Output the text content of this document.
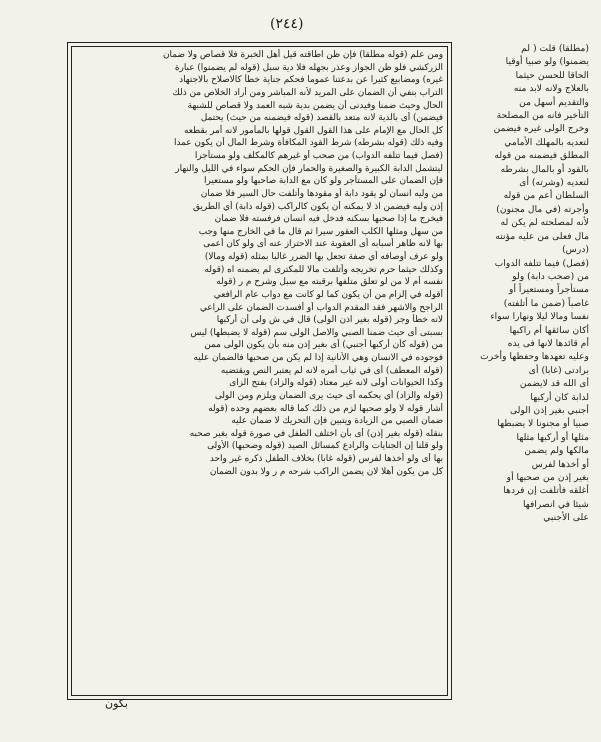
(٢٤٤)
(مطلقا) قلت ( لم
يضمنوا) ولو صبيا أوقيا
الحاقا للحسن حيثما
بالعلاج ولانه لابد منه
والتقديم أسهل من
التأخير فانه من المصلحة
وخرج الولى غيره فيضمن
لتعديه بالمهلك الأمامي
المطلق فيضمنه من قوله
بالقود أو بالمال بشرطه
لتعديه (وشرته) أى
السلطان أعم من قوله
وأجرته (في مال مجنون)
لأنه لمصلحته لم يكن له
مال فعلى من عليه مؤنته
(درس)
(فصل) فيما تتلفه الدواب
من (صحب دابة) ولو
مستأجراً ومستعيراً أو
غاصباً (ضمن ما أتلفته)
نفسا ومالا ليلا ونهارا سواء
أكان سائقها أم راكبها
أم قائدها لانها فى يده
وعليه تعهدها وحفظها وأخرت
برادتى (غابا) أى
أى الله قد لايضمن
لدابة كان أركبها
أجنبي بغير إذن الولى
صبيا أو مجنونا لا يضبطها
مثلها أو أركبها مثلها
مالكها ولم يضمن
أو أخذها لفرس
بغير إذن من صحبها أو
أغلقه فأتلفت إن فردها
شيئا في انصرافها
على الأجنبي
ومن علم (قوله مطلقا) فإن ظن اطاقته قيل أهل الخبرة فلا قصاص ولا ضمان
الزركشي فلو ظن الجواز وعذر بجهله فلا دية سبل (قوله لم يضمنوا) عبارة
غيره) ومضابيع كثيرا عن بدعتنا عموما فحكم جناية خطأ كالاصلاح بالاجتهاد
التراب بنفي أن الضمان على المريد لأنه المباشر ومن أراد الخلاص من ذلك
الحال وحيث ضمنا وفيدنى أن يضمن بدية شبه العمد ولا قصاص للشبهة
فيضمن) أى بالدية لانه متعد بالقصد (قوله فيضمنه من حيث) يحتمل
كل الحال مع الإمام على هذا القول القول قولها بالمأمور لانه أمر بقطعه
وفيه ذلك (قوله بشرطه) شرط القود المكافأة وشرط المال أن يكون عمدا
(فصل فيما تتلفه الدواب) من صحب أو غيرهم كالمكلف ولو مستأجرا
ليتشمل الدابة الكبيرة والصغيرة والحمار فإن الحكم سواء في الليل والنهار
فإن الضمان على المستأجر ولو كان مع الدابة صاحبها ولو مستعيرا
من وليه انسان لو يقود دابة أو مقودها وأتلفت حال السير فلا ضمان
إذن وليه فيضمن اذ لا يمكنه أن يكون كالراكب (قوله دابة) أي الطريق
فيخرج ما إذا صحبها بسكنه فدخل فيه انسان فرفسته فلا ضمان
من سهل ومثلها الكلب العقور سيرا ثم قال ما في الخارج منها وجب
بها لانه ظاهر أسبابه أى العقوبة عند الاحتراز عنه أى ولو كان أعمى
ولو عرف أوصافه أي صفة تجعل بها الضرر غالبا بمثله (قوله ومالا)
وكذلك حيثما حرم تخريجه وأتلفت مالا للمكترى لم يضمنه اه (قوله
نفسه أم لا من لو تعلق متلفها برقبته مع سبل وشرح م ر (قوله
أقوله في إلزام من أن يكون كما لو كانت مع دواب عام الرافعي
الراجح والاشهر فقد المقدم الدواب أو أفسدت الضمان على الراعي
لانه خطأ وجر (قوله بغير اذن الولى) قال في ش ولى أن أركبها
بسبتى أى حيث ضمنا الصبي والاصل الولى سم (قوله لا يضبطها) ليس
من (قوله كأن أركبها أجنبي) أى بغير إذن منه بأن يكون الولى ممن
فوجوده في الانسان وهي الأنانية إذا لم يكن من صحبها فالضمان عليه
(قوله المعطف) أى في ثياب أمره لانه لم يعتبر النص ويقتضيه
وكذا الحيوانات أولى لانه غير معتاد (قوله والزاد) بفتح الزاى
(قوله والزاد) أي يحكمه أى حيث يرى الضمان ويلزم ومن الولى
أشار قوله لا ولو صحبها لزم من ذلك كما قاله بعضهم وحده (قوله
ضمان الصبي من الزيادة ويتبين فإن التحريك لا ضمان عليه
بنقله (قوله بغير إذن) أى بأن اختلف الطفل في صورة قوله بغير صحبه
ولو قلنا إن الجنايات والرادع كمسائل الصيد (قوله وصحبها) الأولى
بها أى ولو أخذها لفرس (قوله غابا) بخلاف الطفل ذكره غير واحد
كل من يكون أهلا لان يضمن الراكب شرحه م ر ولا بدون الضمان
بكون
